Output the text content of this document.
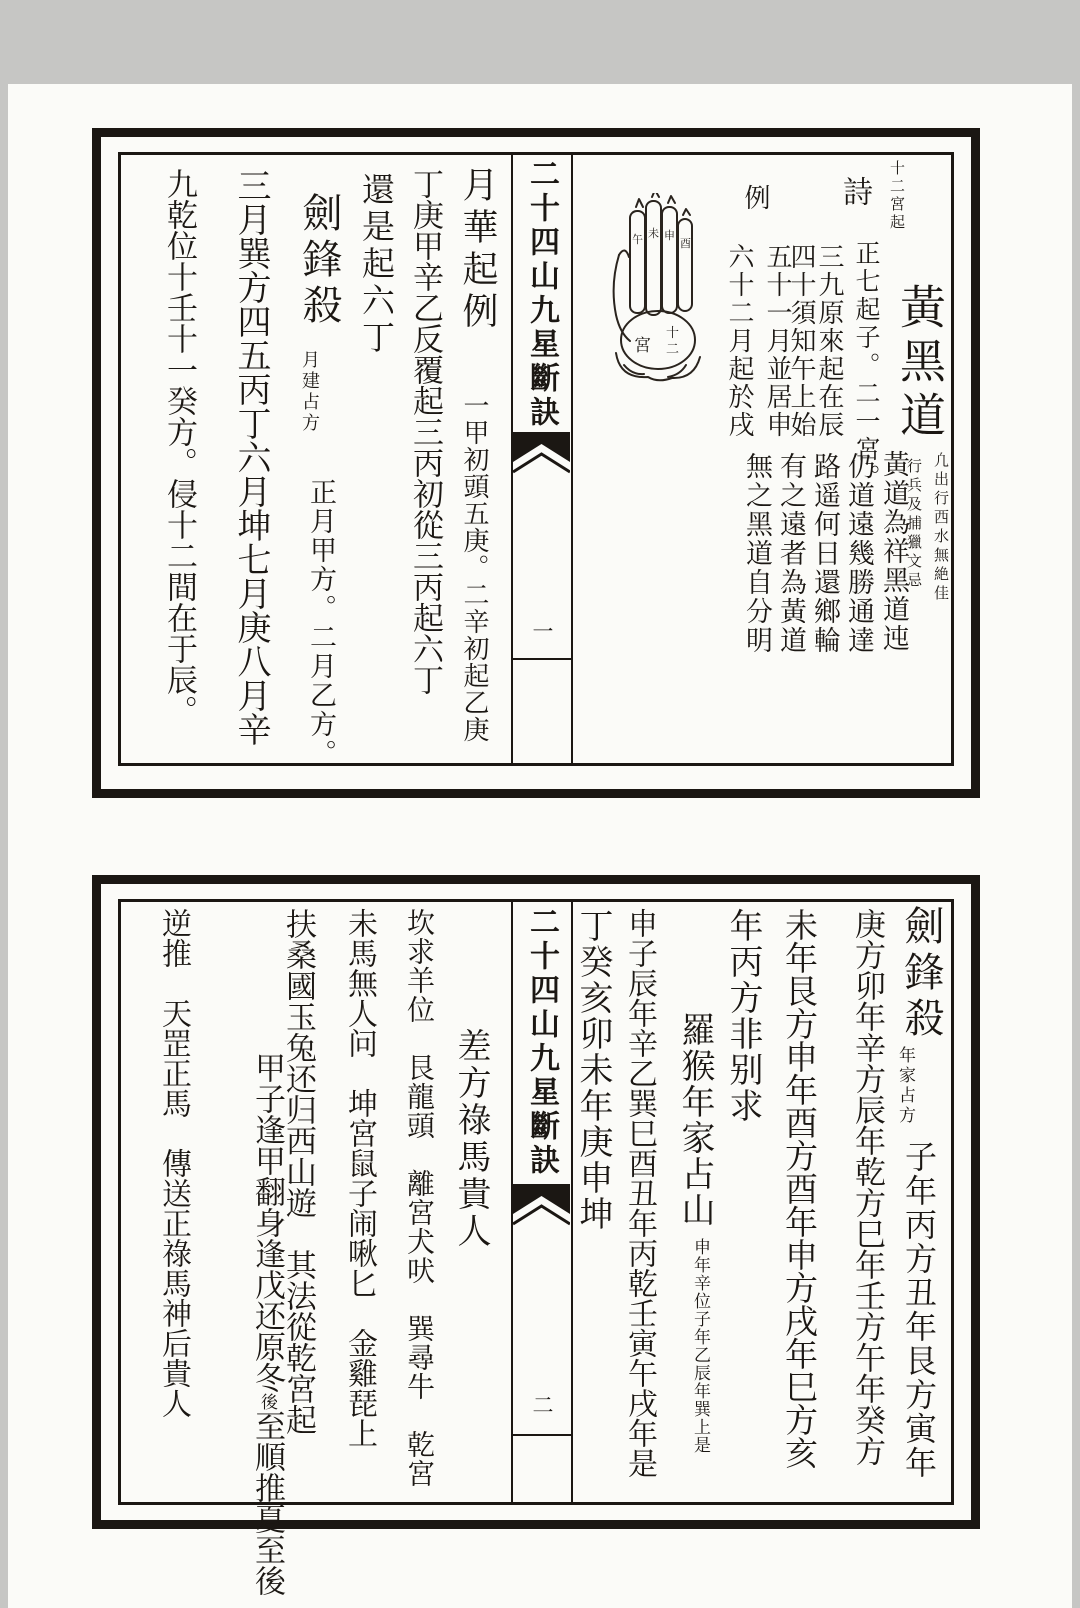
二十四山九星斷訣
一
十二宮起
黃黑道
凢出行西水無絶佳
行兵及捕獵文忌
詩
正七起子。二一宮。
三九原來起在辰
四十須知午上始
五十一月並居申
例
六十二月起於戌
午 未 申
酉
宮
十
二
黃道為祥黑道迍
仍道遠幾勝通達
路遥何日還鄉輪
有之遠者為黃道
無之黑道自分明
月華起例
一甲初頭五庚。二辛初起乙庚
丁庚甲辛乙反覆起三丙初從三丙起六丁
還是起六丁
劍鋒殺
月建占方
正月甲方。二月乙方。
三月巽方四五丙丁六月坤七月庚八月辛
九乾位十壬十一癸方。侵十二間在于辰。
二十四山九星斷訣
二
劍鋒殺
年家占方
子年丙方丑年艮方寅年
庚方卯年辛方辰年乾方巳年壬方午年癸方
未年艮方申年酉方酉年申方戌年巳方亥
年丙方非别求
羅猴年家占山
申年辛位子年乙辰年巽上是
申子辰年辛乙巽巳酉丑年丙乾壬寅午戌年是
丁癸亥卯未年庚申坤
差方祿馬貴人
坎求羊位　艮龍頭　離宮犬吠　巽尋牛　乾宮
未馬無人问　坤宮鼠子闹啾匕　金雞琵上
扶桑國玉兔还归西山遊　其法從乾宮起

甲子逢甲翻身逢戊还原冬後至順推夏至後

逆推　天罡正馬　傳送正祿馬神后貴人
